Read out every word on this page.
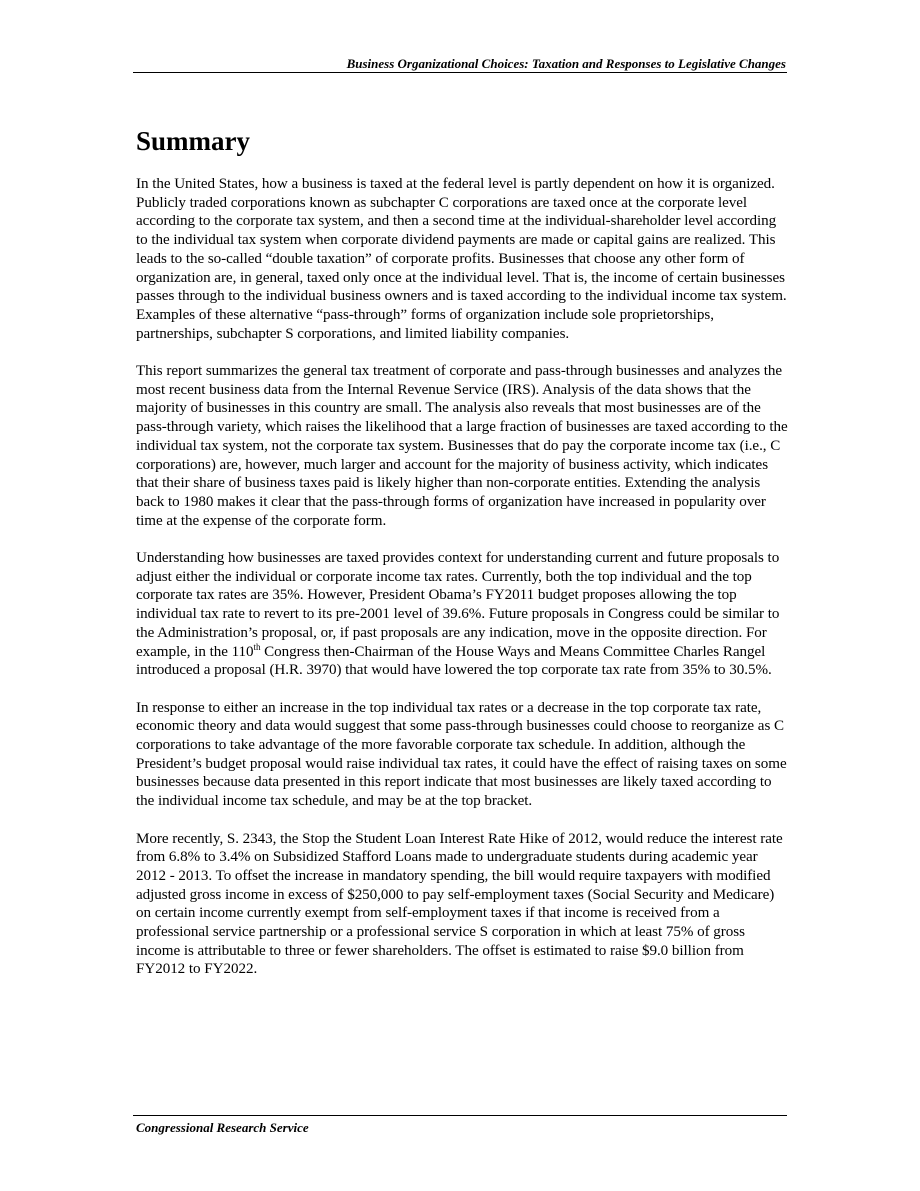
Business Organizational Choices: Taxation and Responses to Legislative Changes
Summary

In the United States, how a business is taxed at the federal level is partly dependent on how it is organized. Publicly traded corporations known as subchapter C corporations are taxed once at the corporate level according to the corporate tax system, and then a second time at the individual-shareholder level according to the individual tax system when corporate dividend payments are made or capital gains are realized. This leads to the so-called “double taxation” of corporate profits. Businesses that choose any other form of organization are, in general, taxed only once at the individual level. That is, the income of certain businesses passes through to the individual business owners and is taxed according to the individual income tax system. Examples of these alternative “pass-through” forms of organization include sole proprietorships, partnerships, subchapter S corporations, and limited liability companies.

This report summarizes the general tax treatment of corporate and pass-through businesses and analyzes the most recent business data from the Internal Revenue Service (IRS). Analysis of the data shows that the majority of businesses in this country are small. The analysis also reveals that most businesses are of the pass-through variety, which raises the likelihood that a large fraction of businesses are taxed according to the individual tax system, not the corporate tax system. Businesses that do pay the corporate income tax (i.e., C corporations) are, however, much larger and account for the majority of business activity, which indicates that their share of business taxes paid is likely higher than non-corporate entities. Extending the analysis back to 1980 makes it clear that the pass-through forms of organization have increased in popularity over time at the expense of the corporate form.

Understanding how businesses are taxed provides context for understanding current and future proposals to adjust either the individual or corporate income tax rates. Currently, both the top individual and the top corporate tax rates are 35%. However, President Obama’s FY2011 budget proposes allowing the top individual tax rate to revert to its pre-2001 level of 39.6%. Future proposals in Congress could be similar to the Administration’s proposal, or, if past proposals are any indication, move in the opposite direction. For example, in the 110th Congress then-Chairman of the House Ways and Means Committee Charles Rangel introduced a proposal (H.R. 3970) that would have lowered the top corporate tax rate from 35% to 30.5%.

In response to either an increase in the top individual tax rates or a decrease in the top corporate tax rate, economic theory and data would suggest that some pass-through businesses could choose to reorganize as C corporations to take advantage of the more favorable corporate tax schedule. In addition, although the President’s budget proposal would raise individual tax rates, it could have the effect of raising taxes on some businesses because data presented in this report indicate that most businesses are likely taxed according to the individual income tax schedule, and may be at the top bracket.

More recently, S. 2343, the Stop the Student Loan Interest Rate Hike of 2012, would reduce the interest rate from 6.8% to 3.4% on Subsidized Stafford Loans made to undergraduate students during academic year 2012 - 2013. To offset the increase in mandatory spending, the bill would require taxpayers with modified adjusted gross income in excess of $250,000 to pay self-employment taxes (Social Security and Medicare) on certain income currently exempt from self-employment taxes if that income is received from a professional service partnership or a professional service S corporation in which at least 75% of gross income is attributable to three or fewer shareholders. The offset is estimated to raise $9.0 billion from FY2012 to FY2022.

Congressional Research Service
